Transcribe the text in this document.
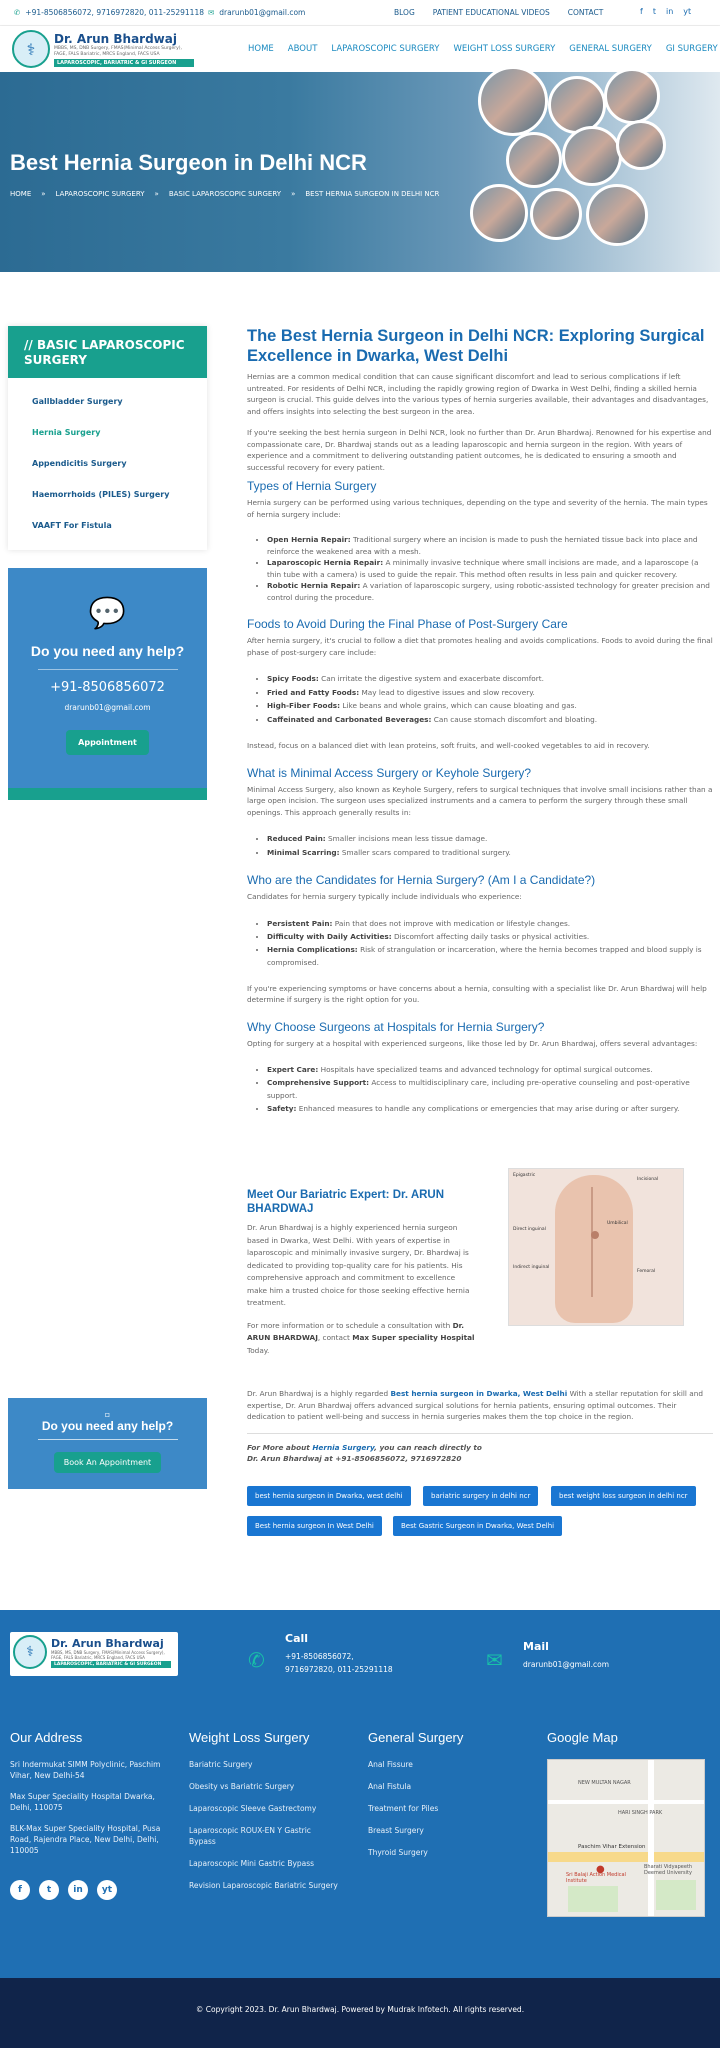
✆ +91-8506856072, 9716972820, 011-25291118 ✉ drarunb01@gmail.com	BLOG PATIENT EDUCATIONAL VIDEOS CONTACT	f t in yt
⚕
Dr. Arun Bhardwaj
MBBS, MS, DNB Surgery, FMAS(Minimal Access Surgery), FAGE, FALS Bariatric, MRCS England, FACS USA
LAPAROSCOPIC, BARIATRIC & GI SURGEON
HOME ABOUT LAPAROSCOPIC SURGERY WEIGHT LOSS SURGERY GENERAL SURGERY GI SURGERY
Best Hernia Surgeon in Delhi NCR
HOME » LAPAROSCOPIC SURGERY » BASIC LAPAROSCOPIC SURGERY » BEST HERNIA SURGEON IN DELHI NCR
// BASIC LAPAROSCOPIC SURGERY
Gallbladder Surgery
Hernia Surgery
Appendicitis Surgery
Haemorrhoids (PILES) Surgery
VAAFT For Fistula
💬
Do you need any help?
+91-8506856072
drarunb01@gmail.com
Appointment
▫
Do you need any help?
Book An Appointment
The Best Hernia Surgeon in Delhi NCR: Exploring Surgical Excellence in Dwarka, West Delhi

Hernias are a common medical condition that can cause significant discomfort and lead to serious complications if left untreated. For residents of Delhi NCR, including the rapidly growing region of Dwarka in West Delhi, finding a skilled hernia surgeon is crucial. This guide delves into the various types of hernia surgeries available, their advantages and disadvantages, and offers insights into selecting the best surgeon in the area.

If you're seeking the best hernia surgeon in Delhi NCR, look no further than Dr. Arun Bhardwaj. Renowned for his expertise and compassionate care, Dr. Bhardwaj stands out as a leading laparoscopic and hernia surgeon in the region. With years of experience and a commitment to delivering outstanding patient outcomes, he is dedicated to ensuring a smooth and successful recovery for every patient.

Types of Hernia Surgery

Hernia surgery can be performed using various techniques, depending on the type and severity of the hernia. The main types of hernia surgery include:

• Open Hernia Repair: Traditional surgery where an incision is made to push the herniated tissue back into place and reinforce the weakened area with a mesh.
• Laparoscopic Hernia Repair: A minimally invasive technique where small incisions are made, and a laparoscope (a thin tube with a camera) is used to guide the repair. This method often results in less pain and quicker recovery.
• Robotic Hernia Repair: A variation of laparoscopic surgery, using robotic-assisted technology for greater precision and control during the procedure.
Foods to Avoid During the Final Phase of Post-Surgery Care

After hernia surgery, it's crucial to follow a diet that promotes healing and avoids complications. Foods to avoid during the final phase of post-surgery care include:

• Spicy Foods: Can irritate the digestive system and exacerbate discomfort.
• Fried and Fatty Foods: May lead to digestive issues and slow recovery.
• High-Fiber Foods: Like beans and whole grains, which can cause bloating and gas.
• Caffeinated and Carbonated Beverages: Can cause stomach discomfort and bloating.

Instead, focus on a balanced diet with lean proteins, soft fruits, and well-cooked vegetables to aid in recovery.

What is Minimal Access Surgery or Keyhole Surgery?

Minimal Access Surgery, also known as Keyhole Surgery, refers to surgical techniques that involve small incisions rather than a large open incision. The surgeon uses specialized instruments and a camera to perform the surgery through these small openings. This approach generally results in:

• Reduced Pain: Smaller incisions mean less tissue damage.
• Minimal Scarring: Smaller scars compared to traditional surgery.
Who are the Candidates for Hernia Surgery? (Am I a Candidate?)

Candidates for hernia surgery typically include individuals who experience:

• Persistent Pain: Pain that does not improve with medication or lifestyle changes.
• Difficulty with Daily Activities: Discomfort affecting daily tasks or physical activities.
• Hernia Complications: Risk of strangulation or incarceration, where the hernia becomes trapped and blood supply is compromised.

If you're experiencing symptoms or have concerns about a hernia, consulting with a specialist like Dr. Arun Bhardwaj will help determine if surgery is the right option for you.

Why Choose Surgeons at Hospitals for Hernia Surgery?

Opting for surgery at a hospital with experienced surgeons, like those led by Dr. Arun Bhardwaj, offers several advantages:

• Expert Care: Hospitals have specialized teams and advanced technology for optimal surgical outcomes.
• Comprehensive Support: Access to multidisciplinary care, including pre-operative counseling and post-operative support.
• Safety: Enhanced measures to handle any complications or emergencies that may arise during or after surgery.
Meet Our Bariatric Expert: Dr. ARUN BHARDWAJ

Dr. Arun Bhardwaj is a highly experienced hernia surgeon based in Dwarka, West Delhi. With years of expertise in laparoscopic and minimally invasive surgery, Dr. Bhardwaj is dedicated to providing top-quality care for his patients. His comprehensive approach and commitment to excellence make him a trusted choice for those seeking effective hernia treatment.

For more information or to schedule a consultation with Dr. ARUN BHARDWAJ, contact Max Super speciality Hospital Today.

Epigastric
Incisional
Umbilical
Direct inguinal
Indirect inguinal
Femoral

Dr. Arun Bhardwaj is a highly regarded Best hernia surgeon in Dwarka, West Delhi With a stellar reputation for skill and expertise, Dr. Arun Bhardwaj offers advanced surgical solutions for hernia patients, ensuring optimal outcomes. Their dedication to patient well-being and success in hernia surgeries makes them the top choice in the region.

For More about Hernia Surgery, you can reach directly to
Dr. Arun Bhardwaj at +91-8506856072, 9716972820

best hernia surgeon in Dwarka, west delhi	bariatric surgery in delhi ncr	best weight loss surgeon in delhi ncr
Best hernia surgeon In West Delhi	Best Gastric Surgeon in Dwarka, West Delhi
⚕
Dr. Arun Bhardwaj
MBBS, MS, DNB Surgery, FMAS(Minimal Access Surgery), FAGE, FALS Bariatric, MRCS England, FACS USA
LAPAROSCOPIC, BARIATRIC & GI SURGEON	✆
Call
+91-8506856072, 9716972820, 011-25291118	✉
Mail
drarunb01@gmail.com
Our Address
Sri Indermukat SIMM Polyclinic, Paschim Vihar, New Delhi-54
Max Super Speciality Hospital Dwarka, Delhi, 110075
BLK-Max Super Speciality Hospital, Pusa Road, Rajendra Place, New Delhi, Delhi, 110005
f	t	in	yt
Weight Loss Surgery
Bariatric Surgery
Obesity vs Bariatric Surgery
Laparoscopic Sleeve Gastrectomy
Laparoscopic ROUX-EN Y Gastric Bypass
Laparoscopic Mini Gastric Bypass
Revision Laparoscopic Bariatric Surgery
General Surgery
Anal Fissure
Anal Fistula
Treatment for Piles
Breast Surgery
Thyroid Surgery
Google Map
NEW MULTAN NAGAR
HARI SINGH PARK
Paschim Vihar Extension
Sri Balaji Action Medical Institute
Bharati Vidyapeeth Deemed University
●
© Copyright 2023. Dr. Arun Bhardwaj. Powered by Mudrak Infotech. All rights reserved.
